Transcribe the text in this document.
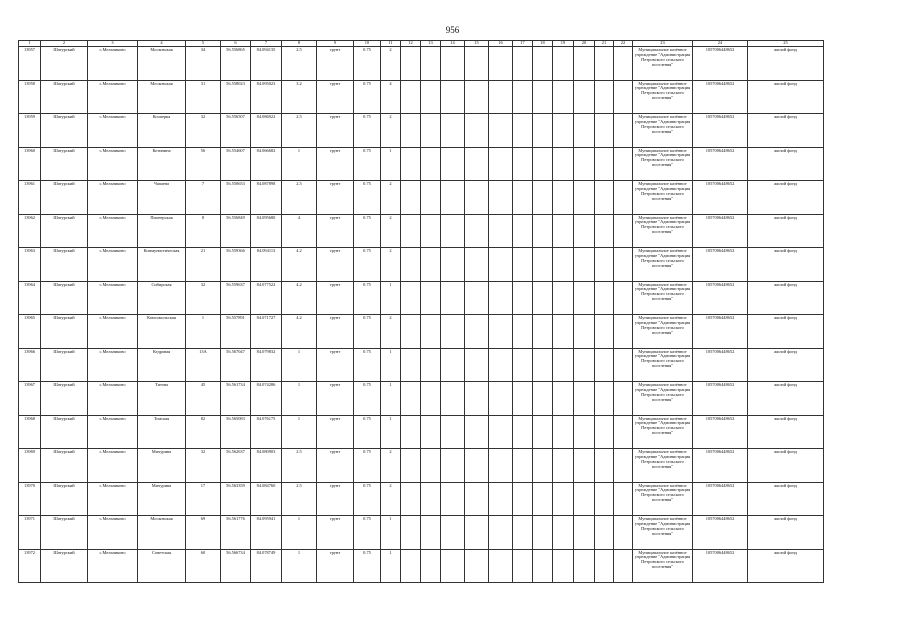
956
1	2	3	4	5	6	7	8	9	10	11	12	13	14	15	16	17	18	19	20	21	22	23	24	25
13957	Шатурский	с.Мельниково	Московская	34	56.556865	84.094135	2.5	грунт	0.75	2												Муниципальное казённое учреждение "Администрация Петровского сельского поселения"	1057006448652	жилой фонд
13958	Шатурский	с.Мельниково	Московская	31	56.558023	84.095023	3.2	грунт	0.75	4												Муниципальное казённое учреждение "Администрация Петровского сельского поселения"	1057006448652	жилой фонд
13959	Шатурский	с.Мельниково	Кооперка	32	56.556507	84.086922	2.5	грунт	0.75	2												Муниципальное казённое учреждение "Администрация Петровского сельского поселения"	1057006448652	жилой фонд
13960	Шатурский	с.Мельниково	Котинина	56	56.554607	84.066682	1	грунт	0.75	1												Муниципальное казённое учреждение "Администрация Петровского сельского поселения"	1057006448652	жилой фонд
13961	Шатурский	с.Мельниково	Чапаева	7	56.550653	84.087898	2.5	грунт	0.75	2												Муниципальное казённое учреждение "Администрация Петровского сельского поселения"	1057006448652	жилой фонд
13962	Шатурский	с.Мельниково	Пионерская	8	56.556849	84.095680	4	грунт	0.75	2												Муниципальное казённое учреждение "Администрация Петровского сельского поселения"	1057006448652	жилой фонд
13963	Шатурский	с.Мельниково	Коммунистическая	21	56.559366	84.094113	4.2	грунт	0.75	2												Муниципальное казённое учреждение "Администрация Петровского сельского поселения"	1057006448652	жилой фонд
13964	Шатурский	с.Мельниково	Сибирская	32	56.559637	84.077522	4.2	грунт	0.75	1												Муниципальное казённое учреждение "Администрация Петровского сельского поселения"	1057006448652	жилой фонд
13965	Шатурский	с.Мельниково	Комсомольская	1	56.557891	84.071727	4.2	грунт	0.75	2												Муниципальное казённое учреждение "Администрация Петровского сельского поселения"	1057006448652	жилой фонд
13966	Шатурский	с.Мельниково	Кедровая	13А	56.567047	84.079832	1	грунт	0.75	1												Муниципальное казённое учреждение "Администрация Петровского сельского поселения"	1057006448652	жилой фонд
13967	Шатурский	с.Мельниково	Титова	45	56.561734	84.074286	1	грунт	0.75	1												Муниципальное казённое учреждение "Администрация Петровского сельского поселения"	1057006448652	жилой фонд
13968	Шатурский	с.Мельниково	Томская	82	56.565083	84.076175	1	грунт	0.75	1												Муниципальное казённое учреждение "Администрация Петровского сельского поселения"	1057006448652	жилой фонд
13969	Шатурский	с.Мельниково	Мичурина	32	56.562637	84.080903	2.5	грунт	0.75	2												Муниципальное казённое учреждение "Администрация Петровского сельского поселения"	1057006448652	жилой фонд
13970	Шатурский	с.Мельниково	Мичурина	17	56.563359	84.084760	2.5	грунт	0.75	2												Муниципальное казённое учреждение "Администрация Петровского сельского поселения"	1057006448652	жилой фонд
13971	Шатурский	с.Мельниково	Московская	69	56.561776	84.095941	1	грунт	0.75	1												Муниципальное казённое учреждение "Администрация Петровского сельского поселения"	1057006448652	жилой фонд
13972	Шатурский	с.Мельниково	Советская	60	56.566734	84.078749	1	грунт	0.75	1												Муниципальное казённое учреждение "Администрация Петровского сельского поселения"	1057006448652	жилой фонд
